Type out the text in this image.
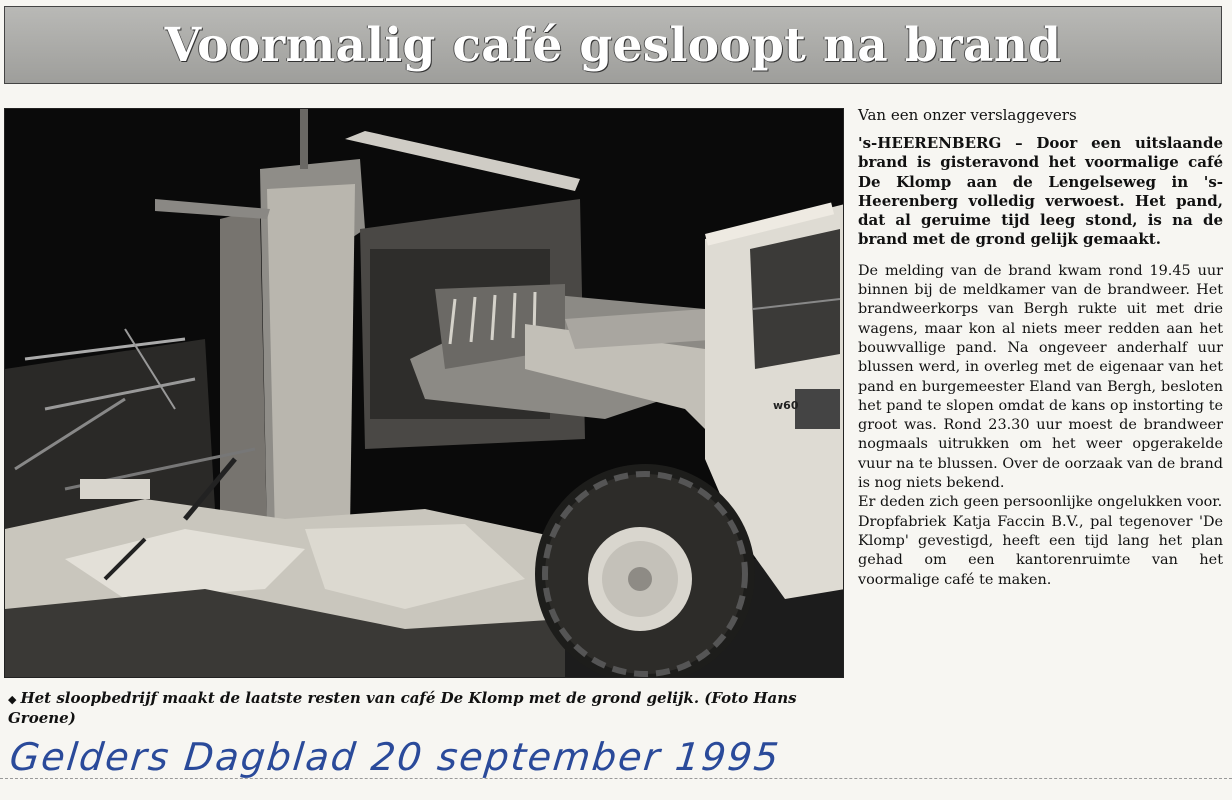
Voormalig café gesloopt na brand
w60
◆ Het sloopbedrijf maakt de laatste resten van café De Klomp met de grond gelijk. (Foto Hans Groene)
Gelders Dagblad 20 september 1995

Van een onzer verslaggevers

's-HEERENBERG – Door een uitslaande brand is gisteravond het voormalige café De Klomp aan de Lengelseweg in 's-Heerenberg volledig verwoest. Het pand, dat al geruime tijd leeg stond, is na de brand met de grond gelijk gemaakt.

De melding van de brand kwam rond 19.45 uur binnen bij de meldkamer van de brandweer. Het brandweerkorps van Bergh rukte uit met drie wagens, maar kon al niets meer redden aan het bouwvallige pand. Na ongeveer anderhalf uur blussen werd, in overleg met de eigenaar van het pand en burgemeester Eland van Bergh, besloten het pand te slopen omdat de kans op instorting te groot was. Rond 23.30 uur moest de brandweer nogmaals uitrukken om het weer opgerakelde vuur na te blussen. Over de oorzaak van de brand is nog niets bekend.

Er deden zich geen persoonlijke ongelukken voor.

Dropfabriek Katja Faccin B.V., pal tegenover 'De Klomp' gevestigd, heeft een tijd lang het plan gehad om een kantorenruimte van het voormalige café te maken.
